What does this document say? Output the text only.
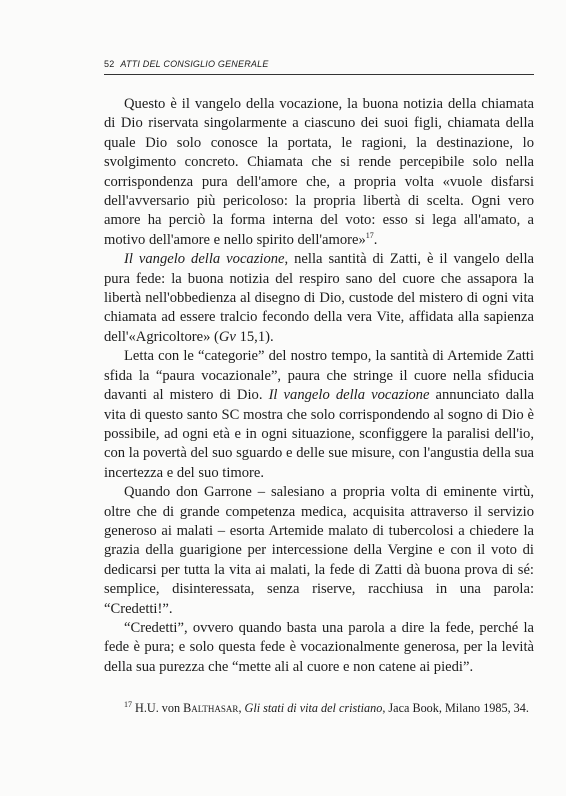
52 ATTI DEL CONSIGLIO GENERALE

Questo è il vangelo della vocazione, la buona notizia della chiamata di Dio riservata singolarmente a ciascuno dei suoi figli, chiamata della quale Dio solo conosce la portata, le ragioni, la destinazione, lo svolgimento concreto. Chiamata che si rende percepibile solo nella corrispondenza pura dell'amore che, a propria volta «vuole disfarsi dell'avversario più pericoloso: la propria libertà di scelta. Ogni vero amore ha perciò la forma interna del voto: esso si lega all'amato, a motivo dell'amore e nello spirito dell'amore»$^{17}$.

Il vangelo della vocazione, nella santità di Zatti, è il vangelo della pura fede: la buona notizia del respiro sano del cuore che assapora la libertà nell'obbedienza al disegno di Dio, custode del mistero di ogni vita chiamata ad essere tralcio fecondo della vera Vite, affidata alla sapienza dell'«Agricoltore» (Gv 15,1).

Letta con le “categorie” del nostro tempo, la santità di Artemide Zatti sfida la “paura vocazionale”, paura che stringe il cuore nella sfiducia davanti al mistero di Dio. Il vangelo della vocazione annunciato dalla vita di questo santo SC mostra che solo corrispondendo al sogno di Dio è possibile, ad ogni età e in ogni situazione, sconfiggere la paralisi dell'io, con la povertà del suo sguardo e delle sue misure, con l'angustia della sua incertezza e del suo timore.

Quando don Garrone – salesiano a propria volta di eminente virtù, oltre che di grande competenza medica, acquisita attraverso il servizio generoso ai malati – esorta Artemide malato di tubercolosi a chiedere la grazia della guarigione per intercessione della Vergine e con il voto di dedicarsi per tutta la vita ai malati, la fede di Zatti dà buona prova di sé: semplice, disinteressata, senza riserve, racchiusa in una parola: “Credetti!”.

“Credetti”, ovvero quando basta una parola a dire la fede, perché la fede è pura; e solo questa fede è vocazionalmente generosa, per la levità della sua purezza che “mette ali al cuore e non catene ai piedi”.

$^{17}$ H.U. von Balthasar, Gli stati di vita del cristiano, Jaca Book, Milano 1985, 34.
